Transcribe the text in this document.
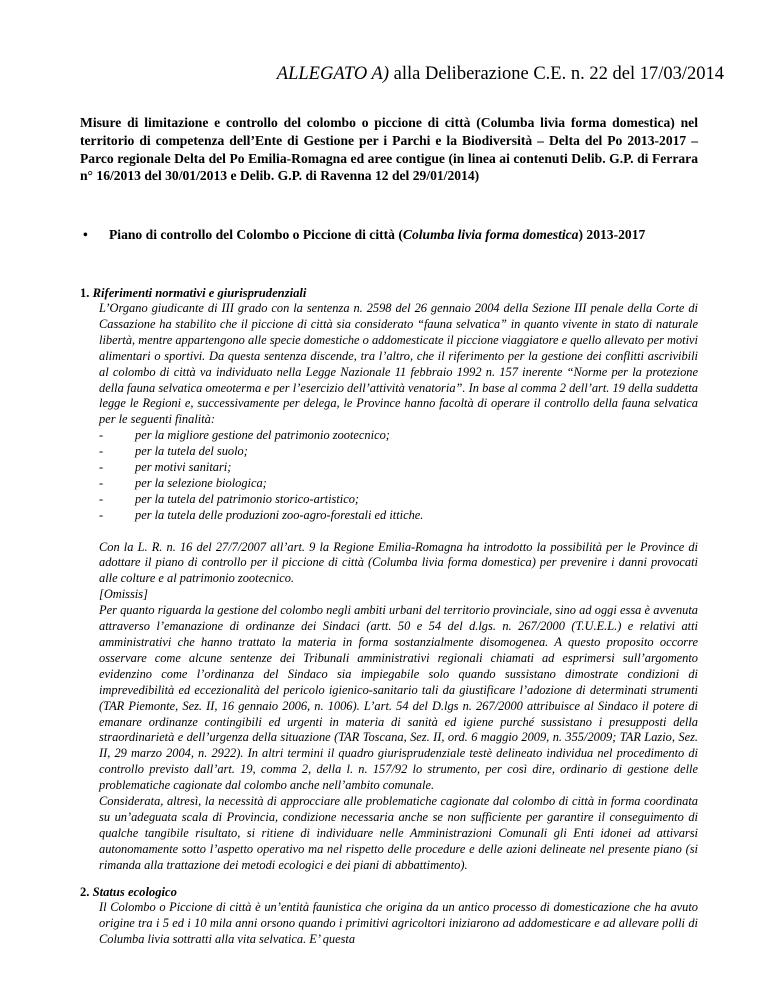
ALLEGATO A) alla Deliberazione C.E. n. 22 del 17/03/2014
Misure di limitazione e controllo del colombo o piccione di città (Columba livia forma domestica) nel territorio di competenza dell’Ente di Gestione per i Parchi e la Biodiversità – Delta del Po 2013-2017 – Parco regionale Delta del Po Emilia-Romagna ed aree contigue (in linea ai contenuti Delib. G.P. di Ferrara n° 16/2013 del 30/01/2013 e Delib. G.P. di Ravenna 12 del 29/01/2014)
• Piano di controllo del Colombo o Piccione di città (Columba livia forma domestica) 2013-2017
1. Riferimenti normativi e giurisprudenziali

L’Organo giudicante di III grado con la sentenza n. 2598 del 26 gennaio 2004 della Sezione III penale della Corte di Cassazione ha stabilito che il piccione di città sia considerato “fauna selvatica” in quanto vivente in stato di naturale libertà, mentre appartengono alle specie domestiche o addomesticate il piccione viaggiatore e quello allevato per motivi alimentari o sportivi. Da questa sentenza discende, tra l’altro, che il riferimento per la gestione dei conflitti ascrivibili al colombo di città va individuato nella Legge Nazionale 11 febbraio 1992 n. 157 inerente “Norme per la protezione della fauna selvatica omeoterma e per l’esercizio dell’attività venatoria”. In base al comma 2 dell’art. 19 della suddetta legge le Regioni e, successivamente per delega, le Province hanno facoltà di operare il controllo della fauna selvatica per le seguenti finalità:

-	per la migliore gestione del patrimonio zootecnico;
-	per la tutela del suolo;
-	per motivi sanitari;
-	per la selezione biologica;
-	per la tutela del patrimonio storico-artistico;
-	per la tutela delle produzioni zoo-agro-forestali ed ittiche.

Con la L. R. n. 16 del 27/7/2007 all’art. 9 la Regione Emilia-Romagna ha introdotto la possibilità per le Province di adottare il piano di controllo per il piccione di città (Columba livia forma domestica) per prevenire i danni provocati alle colture e al patrimonio zootecnico.

[Omissis]

Per quanto riguarda la gestione del colombo negli ambiti urbani del territorio provinciale, sino ad oggi essa è avvenuta attraverso l’emanazione di ordinanze dei Sindaci (artt. 50 e 54 del d.lgs. n. 267/2000 (T.U.E.L.) e relativi atti amministrativi che hanno trattato la materia in forma sostanzialmente disomogenea. A questo proposito occorre osservare come alcune sentenze dei Tribunali amministrativi regionali chiamati ad esprimersi sull’argomento evidenzino come l’ordinanza del Sindaco sia impiegabile solo quando sussistano dimostrate condizioni di imprevedibilità ed eccezionalità del pericolo igienico-sanitario tali da giustificare l’adozione di determinati strumenti (TAR Piemonte, Sez. II, 16 gennaio 2006, n. 1006). L’art. 54 del D.lgs n. 267/2000 attribuisce al Sindaco il potere di emanare ordinanze contingibili ed urgenti in materia di sanità ed igiene purché sussistano i presupposti della straordinarietà e dell’urgenza della situazione (TAR Toscana, Sez. II, ord. 6 maggio 2009, n. 355/2009; TAR Lazio, Sez. II, 29 marzo 2004, n. 2922). In altri termini il quadro giurisprudenziale testè delineato individua nel procedimento di controllo previsto dall’art. 19, comma 2, della l. n. 157/92 lo strumento, per così dire, ordinario di gestione delle problematiche cagionate dal colombo anche nell’ambito comunale.

Considerata, altresì, la necessità di approcciare alle problematiche cagionate dal colombo di città in forma coordinata su un’adeguata scala di Provincia, condizione necessaria anche se non sufficiente per garantire il conseguimento di qualche tangibile risultato, si ritiene di individuare nelle Amministrazioni Comunali gli Enti idonei ad attivarsi autonomamente sotto l’aspetto operativo ma nel rispetto delle procedure e delle azioni delineate nel presente piano (si rimanda alla trattazione dei metodi ecologici e dei piani di abbattimento).

2. Status ecologico

Il Colombo o Piccione di città è un’entità faunistica che origina da un antico processo di domesticazione che ha avuto origine tra i 5 ed i 10 mila anni orsono quando i primitivi agricoltori iniziarono ad addomesticare e ad allevare polli di Columba livia sottratti alla vita selvatica. E’ questa
